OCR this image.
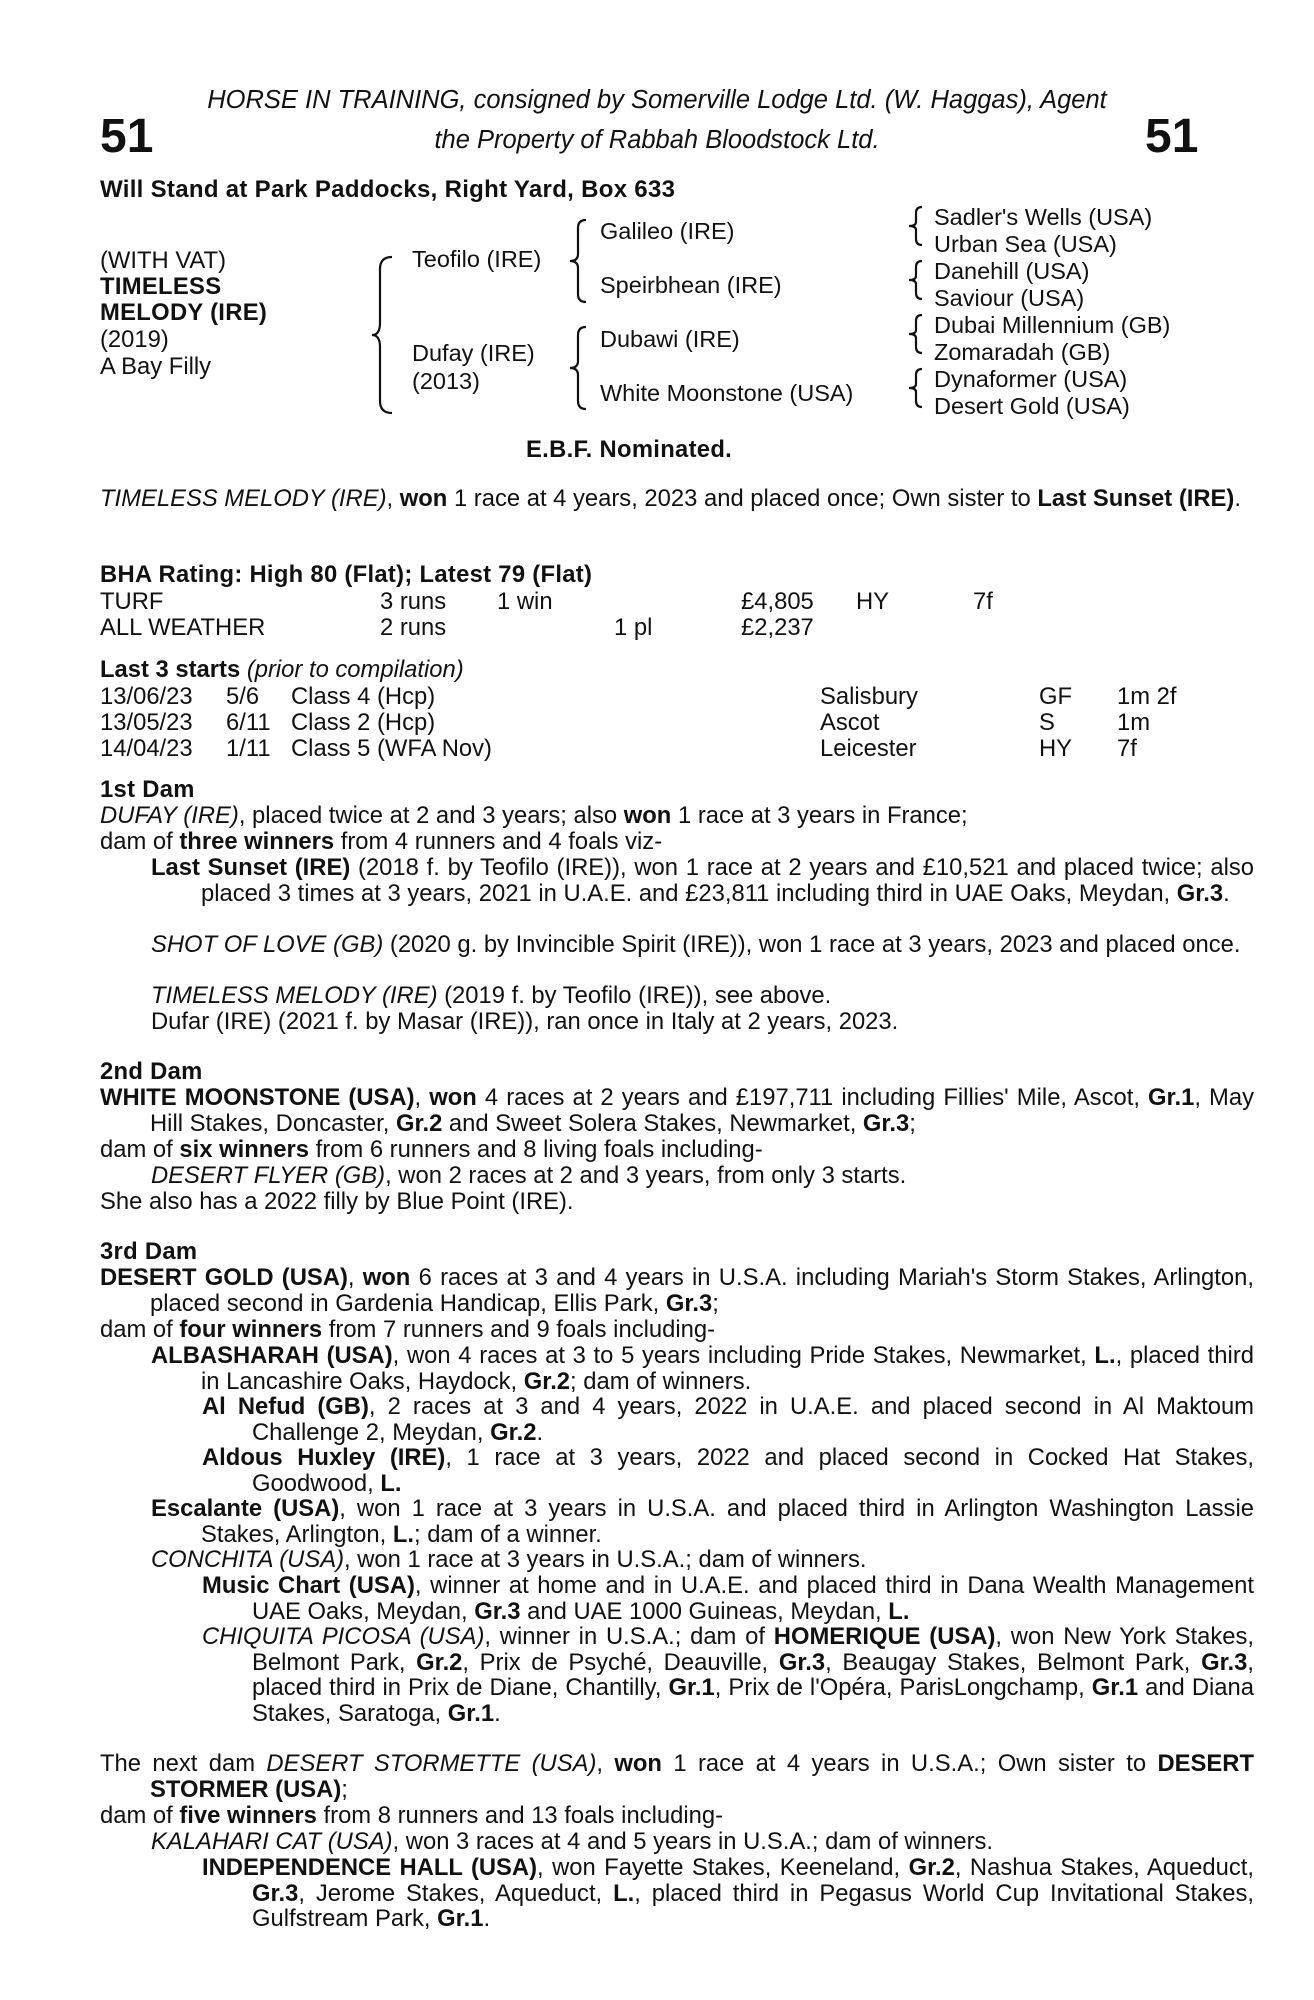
51	51
HORSE IN TRAINING, consigned by Somerville Lodge Ltd. (W. Haggas), Agent
the Property of Rabbah Bloodstock Ltd.
Will Stand at Park Paddocks, Right Yard, Box 633
(WITH VAT)
TIMELESS
MELODY (IRE)
(2019)
A Bay Filly
Teofilo (IRE)
Dufay (IRE)
(2013)
Galileo (IRE)
Speirbhean (IRE)
Dubawi (IRE)
White Moonstone (USA)
Sadler's Wells (USA)
Urban Sea (USA)
Danehill (USA)
Saviour (USA)
Dubai Millennium (GB)
Zomaradah (GB)
Dynaformer (USA)
Desert Gold (USA)
E.B.F. Nominated.

TIMELESS MELODY (IRE), won 1 race at 4 years, 2023 and placed once; Own sister to Last Sunset (IRE).

BHA Rating: High 80 (Flat); Latest 79 (Flat)
TURF	3 runs 1 win	£4,805 HY	7f
ALL WEATHER	2 runs	1 pl	£2,237
Last 3 starts (prior to compilation)
13/06/23 5/6 Class 4 (Hcp)	Salisbury	GF 1m 2f
13/05/23 6/11 Class 2 (Hcp)	Ascot	S	1m
14/04/23 1/11 Class 5 (WFA Nov)	Leicester	HY 7f
1st Dam
DUFAY (IRE), placed twice at 2 and 3 years; also won 1 race at 3 years in France;
dam of three winners from 4 runners and 4 foals viz-

Last Sunset (IRE) (2018 f. by Teofilo (IRE)), won 1 race at 2 years and £10,521 and placed twice; also placed 3 times at 3 years, 2021 in U.A.E. and £23,811 including third in UAE Oaks, Meydan, Gr.3.

SHOT OF LOVE (GB) (2020 g. by Invincible Spirit (IRE)), won 1 race at 3 years, 2023 and placed once.

TIMELESS MELODY (IRE) (2019 f. by Teofilo (IRE)), see above.
Dufar (IRE) (2021 f. by Masar (IRE)), ran once in Italy at 2 years, 2023.
2nd Dam

WHITE MOONSTONE (USA), won 4 races at 2 years and £197,711 including Fillies' Mile, Ascot, Gr.1, May Hill Stakes, Doncaster, Gr.2 and Sweet Solera Stakes, Newmarket, Gr.3;

dam of six winners from 6 runners and 8 living foals including-
DESERT FLYER (GB), won 2 races at 2 and 3 years, from only 3 starts.
She also has a 2022 filly by Blue Point (IRE).
3rd Dam

DESERT GOLD (USA), won 6 races at 3 and 4 years in U.S.A. including Mariah's Storm Stakes, Arlington, placed second in Gardenia Handicap, Ellis Park, Gr.3;

dam of four winners from 7 runners and 9 foals including-

ALBASHARAH (USA), won 4 races at 3 to 5 years including Pride Stakes, Newmarket, L., placed third in Lancashire Oaks, Haydock, Gr.2; dam of winners.

Al Nefud (GB), 2 races at 3 and 4 years, 2022 in U.A.E. and placed second in Al Maktoum Challenge 2, Meydan, Gr.2.

Aldous Huxley (IRE), 1 race at 3 years, 2022 and placed second in Cocked Hat Stakes, Goodwood, L.

Escalante (USA), won 1 race at 3 years in U.S.A. and placed third in Arlington Washington Lassie Stakes, Arlington, L.; dam of a winner.

CONCHITA (USA), won 1 race at 3 years in U.S.A.; dam of winners.

Music Chart (USA), winner at home and in U.A.E. and placed third in Dana Wealth Management UAE Oaks, Meydan, Gr.3 and UAE 1000 Guineas, Meydan, L.

CHIQUITA PICOSA (USA), winner in U.S.A.; dam of HOMERIQUE (USA), won New York Stakes, Belmont Park, Gr.2, Prix de Psyché, Deauville, Gr.3, Beaugay Stakes, Belmont Park, Gr.3, placed third in Prix de Diane, Chantilly, Gr.1, Prix de l'Opéra, ParisLongchamp, Gr.1 and Diana Stakes, Saratoga, Gr.1.

The next dam DESERT STORMETTE (USA), won 1 race at 4 years in U.S.A.; Own sister to DESERT STORMER (USA);

dam of five winners from 8 runners and 13 foals including-
KALAHARI CAT (USA), won 3 races at 4 and 5 years in U.S.A.; dam of winners.

INDEPENDENCE HALL (USA), won Fayette Stakes, Keeneland, Gr.2, Nashua Stakes, Aqueduct, Gr.3, Jerome Stakes, Aqueduct, L., placed third in Pegasus World Cup Invitational Stakes, Gulfstream Park, Gr.1.
